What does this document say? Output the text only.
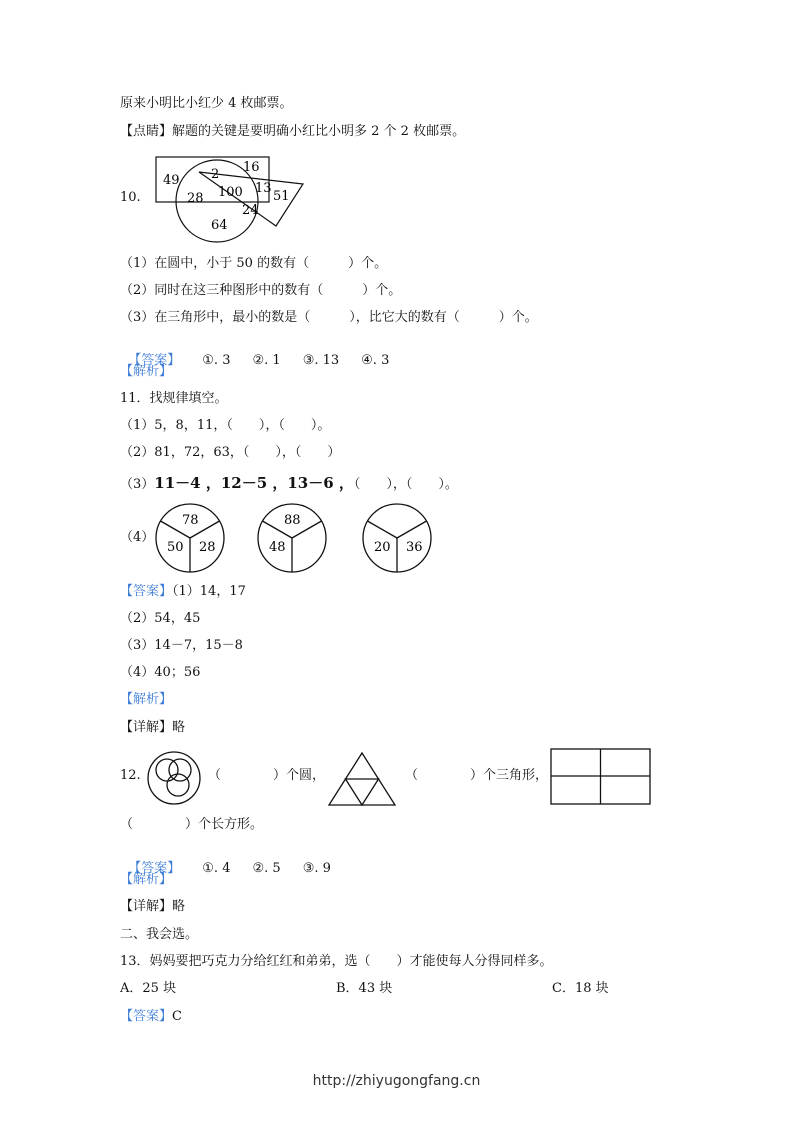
原来小明比小红少 4 枚邮票。
【点睛】解题的关键是要明确小红比小明多 2 个 2 枚邮票。
10.
49 2 16
28 100 13
51
24
64
（1）在圆中，小于 50 的数有（　　　）个。
（2）同时在这三种图形中的数有（　　　）个。
（3）在三角形中，最小的数是（　　　），比它大的数有（　　　）个。

【答案】 ①. 3 ②. 1 ③. 13 ④. 3

【解析】
11．找规律填空。
（1）5，8，11，（　　），（　　）。
（2）81，72，63，（　　），（　　）
（3）11－4 ，12－5 ，13－6 ，（　　），（　　）。
（4）
78
50 28
88
48	20 36
【答案】（1）14，17
（2）54，45
（3）14－7，15－8
（4）40；56
【解析】
【详解】略
12.	（　　　　）个圆，	（　　　　）个三角形，
（　　　　）个长方形。

【答案】 ①. 4 ②. 5 ③. 9

【解析】
【详解】略
二、我会选。
13．妈妈要把巧克力分给红红和弟弟，选（　　）才能使每人分得同样多。
A．25 块	B．43 块	C．18 块
【答案】C
http://zhiyugongfang.cn
